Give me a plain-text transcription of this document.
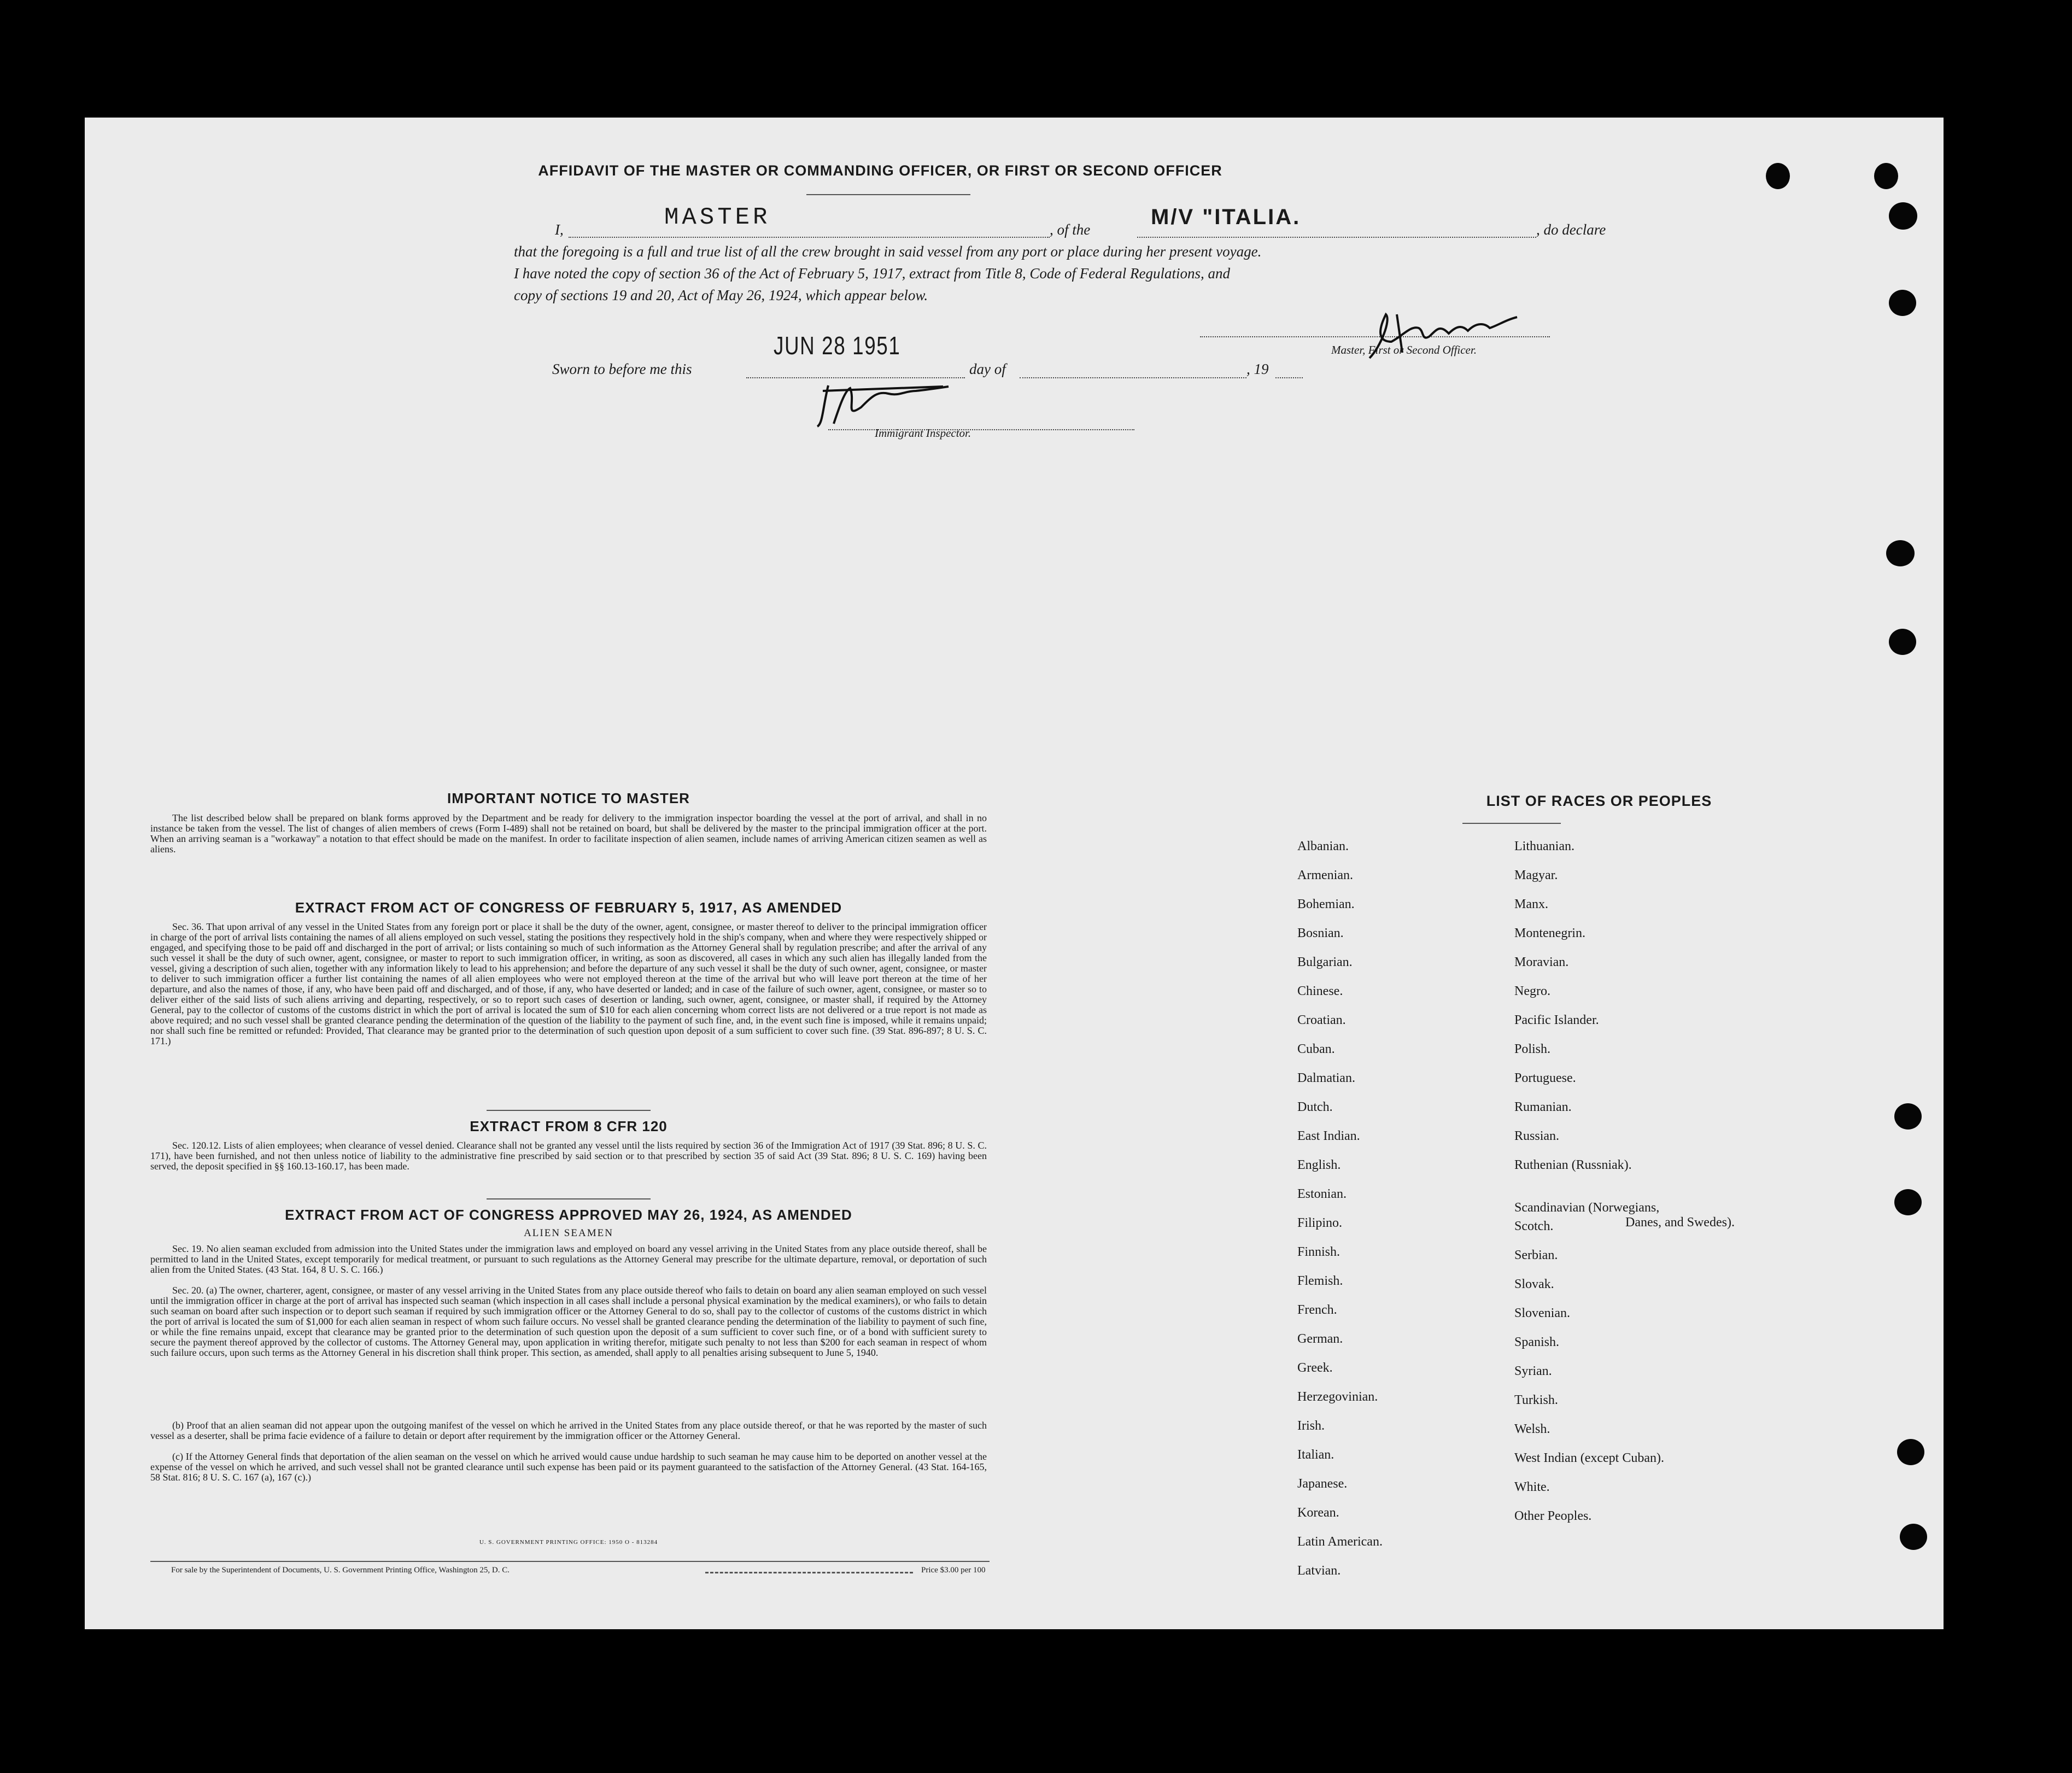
AFFIDAVIT OF THE MASTER OR COMMANDING OFFICER, OR FIRST OR SECOND OFFICER
I,	MASTER	, of the
M/V "ITALIA.
, do declare
that the foregoing is a full and true list of all the crew brought in said vessel from any port or place during her present voyage.
I have noted the copy of section 36 of the Act of February 5, 1917, extract from Title 8, Code of Federal Regulations, and
copy of sections 19 and 20, Act of May 26, 1924, which appear below.
Master, First or Second Officer.
Sworn to before me this
JUN 28 1951
day of	, 19
Immigrant Inspector.
IMPORTANT NOTICE TO MASTER
The list described below shall be prepared on blank forms approved by the Department and be ready for delivery to the immigration inspector boarding the vessel at the port of arrival, and shall in no instance be taken from the vessel. The list of changes of alien members of crews (Form I-489) shall not be retained on board, but shall be delivered by the master to the principal immigration officer at the port. When an arriving seaman is a "workaway" a notation to that effect should be made on the manifest. In order to facilitate inspection of alien seamen, include names of arriving American citizen seamen as well as aliens.
EXTRACT FROM ACT OF CONGRESS OF FEBRUARY 5, 1917, AS AMENDED
Sec. 36. That upon arrival of any vessel in the United States from any foreign port or place it shall be the duty of the owner, agent, consignee, or master thereof to deliver to the principal immigration officer in charge of the port of arrival lists containing the names of all aliens employed on such vessel, stating the positions they respectively hold in the ship's company, when and where they were respectively shipped or engaged, and specifying those to be paid off and discharged in the port of arrival; or lists containing so much of such information as the Attorney General shall by regulation prescribe; and after the arrival of any such vessel it shall be the duty of such owner, agent, consignee, or master to report to such immigration officer, in writing, as soon as discovered, all cases in which any such alien has illegally landed from the vessel, giving a description of such alien, together with any information likely to lead to his apprehension; and before the departure of any such vessel it shall be the duty of such owner, agent, consignee, or master to deliver to such immigration officer a further list containing the names of all alien employees who were not employed thereon at the time of the arrival but who will leave port thereon at the time of her departure, and also the names of those, if any, who have been paid off and discharged, and of those, if any, who have deserted or landed; and in case of the failure of such owner, agent, consignee, or master so to deliver either of the said lists of such aliens arriving and departing, respectively, or so to report such cases of desertion or landing, such owner, agent, consignee, or master shall, if required by the Attorney General, pay to the collector of customs of the customs district in which the port of arrival is located the sum of $10 for each alien concerning whom correct lists are not delivered or a true report is not made as above required; and no such vessel shall be granted clearance pending the determination of the question of the liability to the payment of such fine, and, in the event such fine is imposed, while it remains unpaid; nor shall such fine be remitted or refunded: Provided, That clearance may be granted prior to the determination of such question upon deposit of a sum sufficient to cover such fine. (39 Stat. 896-897; 8 U. S. C. 171.)
EXTRACT FROM 8 CFR 120
Sec. 120.12. Lists of alien employees; when clearance of vessel denied. Clearance shall not be granted any vessel until the lists required by section 36 of the Immigration Act of 1917 (39 Stat. 896; 8 U. S. C. 171), have been furnished, and not then unless notice of liability to the administrative fine prescribed by said section or to that prescribed by section 35 of said Act (39 Stat. 896; 8 U. S. C. 169) having been served, the deposit specified in §§ 160.13-160.17, has been made.
EXTRACT FROM ACT OF CONGRESS APPROVED MAY 26, 1924, AS AMENDED
ALIEN SEAMEN
Sec. 19. No alien seaman excluded from admission into the United States under the immigration laws and employed on board any vessel arriving in the United States from any place outside thereof, shall be permitted to land in the United States, except temporarily for medical treatment, or pursuant to such regulations as the Attorney General may prescribe for the ultimate departure, removal, or deportation of such alien from the United States. (43 Stat. 164, 8 U. S. C. 166.)
Sec. 20. (a) The owner, charterer, agent, consignee, or master of any vessel arriving in the United States from any place outside thereof who fails to detain on board any alien seaman employed on such vessel until the immigration officer in charge at the port of arrival has inspected such seaman (which inspection in all cases shall include a personal physical examination by the medical examiners), or who fails to detain such seaman on board after such inspection or to deport such seaman if required by such immigration officer or the Attorney General to do so, shall pay to the collector of customs of the customs district in which the port of arrival is located the sum of $1,000 for each alien seaman in respect of whom such failure occurs. No vessel shall be granted clearance pending the determination of the liability to payment of such fine, or while the fine remains unpaid, except that clearance may be granted prior to the determination of such question upon the deposit of a sum sufficient to cover such fine, or of a bond with sufficient surety to secure the payment thereof approved by the collector of customs. The Attorney General may, upon application in writing therefor, mitigate such penalty to not less than $200 for each seaman in respect of whom such failure occurs, upon such terms as the Attorney General in his discretion shall think proper. This section, as amended, shall apply to all penalties arising subsequent to June 5, 1940.
(b) Proof that an alien seaman did not appear upon the outgoing manifest of the vessel on which he arrived in the United States from any place outside thereof, or that he was reported by the master of such vessel as a deserter, shall be prima facie evidence of a failure to detain or deport after requirement by the immigration officer or the Attorney General.
(c) If the Attorney General finds that deportation of the alien seaman on the vessel on which he arrived would cause undue hardship to such seaman he may cause him to be deported on another vessel at the expense of the vessel on which he arrived, and such vessel shall not be granted clearance until such expense has been paid or its payment guaranteed to the satisfaction of the Attorney General. (43 Stat. 164-165, 58 Stat. 816; 8 U. S. C. 167 (a), 167 (c).)
U. S. GOVERNMENT PRINTING OFFICE: 1950 O - 813284
For sale by the Superintendent of Documents, U. S. Government Printing Office, Washington 25, D. C.	Price $3.00 per 100
LIST OF RACES OR PEOPLES
Albanian.
Armenian.
Bohemian.
Bosnian.
Bulgarian.
Chinese.
Croatian.
Cuban.
Dalmatian.
Dutch.
East Indian.
English.
Estonian.
Filipino.
Finnish.
Flemish.
French.
German.
Greek.
Herzegovinian.
Irish.
Italian.
Japanese.
Korean.
Latin American.
Latvian.
Lithuanian.
Magyar.
Manx.
Montenegrin.
Moravian.
Negro.
Pacific Islander.
Polish.
Portuguese.
Rumanian.
Russian.
Ruthenian (Russniak).
Scandinavian (Norwegians,
Danes, and Swedes).
Scotch.
Serbian.
Slovak.
Slovenian.
Spanish.
Syrian.
Turkish.
Welsh.
West Indian (except Cuban).
White.
Other Peoples.
